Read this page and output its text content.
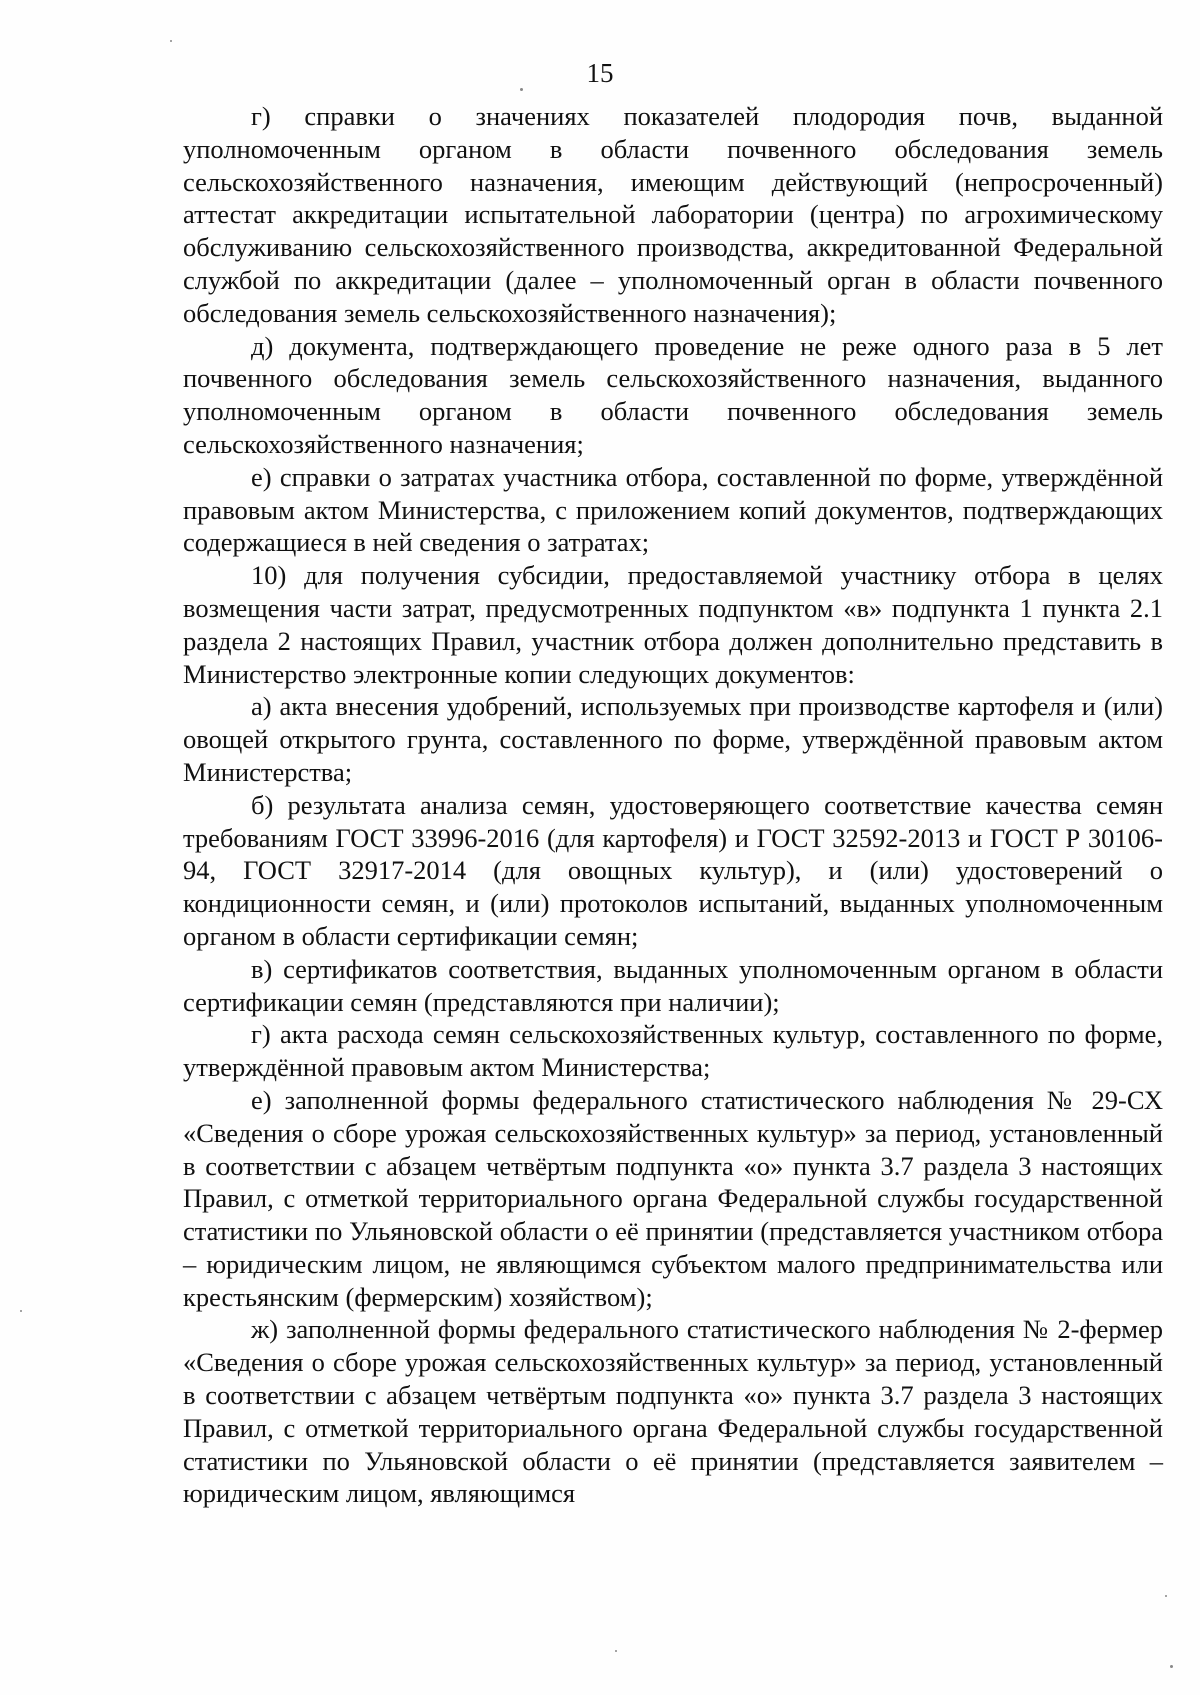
15

г) справки о значениях показателей плодородия почв, выданной уполномоченным органом в области почвенного обследования земель сельскохозяйственного назначения, имеющим действующий (непросроченный) аттестат аккредитации испытательной лаборатории (центра) по агрохимическому обслуживанию сельскохозяйственного производства, аккредитованной Федеральной службой по аккредитации (далее – уполномоченный орган в области почвенного обследования земель сельскохозяйственного назначения);

д) документа, подтверждающего проведение не реже одного раза в 5 лет почвенного обследования земель сельскохозяйственного назначения, выданного уполномоченным органом в области почвенного обследования земель сельскохозяйственного назначения;

е) справки о затратах участника отбора, составленной по форме, утверждённой правовым актом Министерства, с приложением копий документов, подтверждающих содержащиеся в ней сведения о затратах;

10) для получения субсидии, предоставляемой участнику отбора в целях возмещения части затрат, предусмотренных подпунктом «в» подпункта 1 пункта 2.1 раздела 2 настоящих Правил, участник отбора должен дополнительно представить в Министерство электронные копии следующих документов:

а) акта внесения удобрений, используемых при производстве картофеля и (или) овощей открытого грунта, составленного по форме, утверждённой правовым актом Министерства;

б) результата анализа семян, удостоверяющего соответствие качества семян требованиям ГОСТ 33996-2016 (для картофеля) и ГОСТ 32592-2013 и ГОСТ Р 30106-94, ГОСТ 32917-2014 (для овощных культур), и (или) удостоверений о кондиционности семян, и (или) протоколов испытаний, выданных уполномоченным органом в области сертификации семян;

в) сертификатов соответствия, выданных уполномоченным органом в области сертификации семян (представляются при наличии);

г) акта расхода семян сельскохозяйственных культур, составленного по форме, утверждённой правовым актом Министерства;

е) заполненной формы федерального статистического наблюдения № 29-СХ «Сведения о сборе урожая сельскохозяйственных культур» за период, установленный в соответствии с абзацем четвёртым подпункта «о» пункта 3.7 раздела 3 настоящих Правил, с отметкой территориального органа Федеральной службы государственной статистики по Ульяновской области о её принятии (представляется участником отбора – юридическим лицом, не являющимся субъектом малого предпринимательства или крестьянским (фермерским) хозяйством);

ж) заполненной формы федерального статистического наблюдения № 2-фермер «Сведения о сборе урожая сельскохозяйственных культур» за период, установленный в соответствии с абзацем четвёртым подпункта «о» пункта 3.7 раздела 3 настоящих Правил, с отметкой территориального органа Федеральной службы государственной статистики по Ульяновской области о её принятии (представляется заявителем – юридическим лицом, являющимся
